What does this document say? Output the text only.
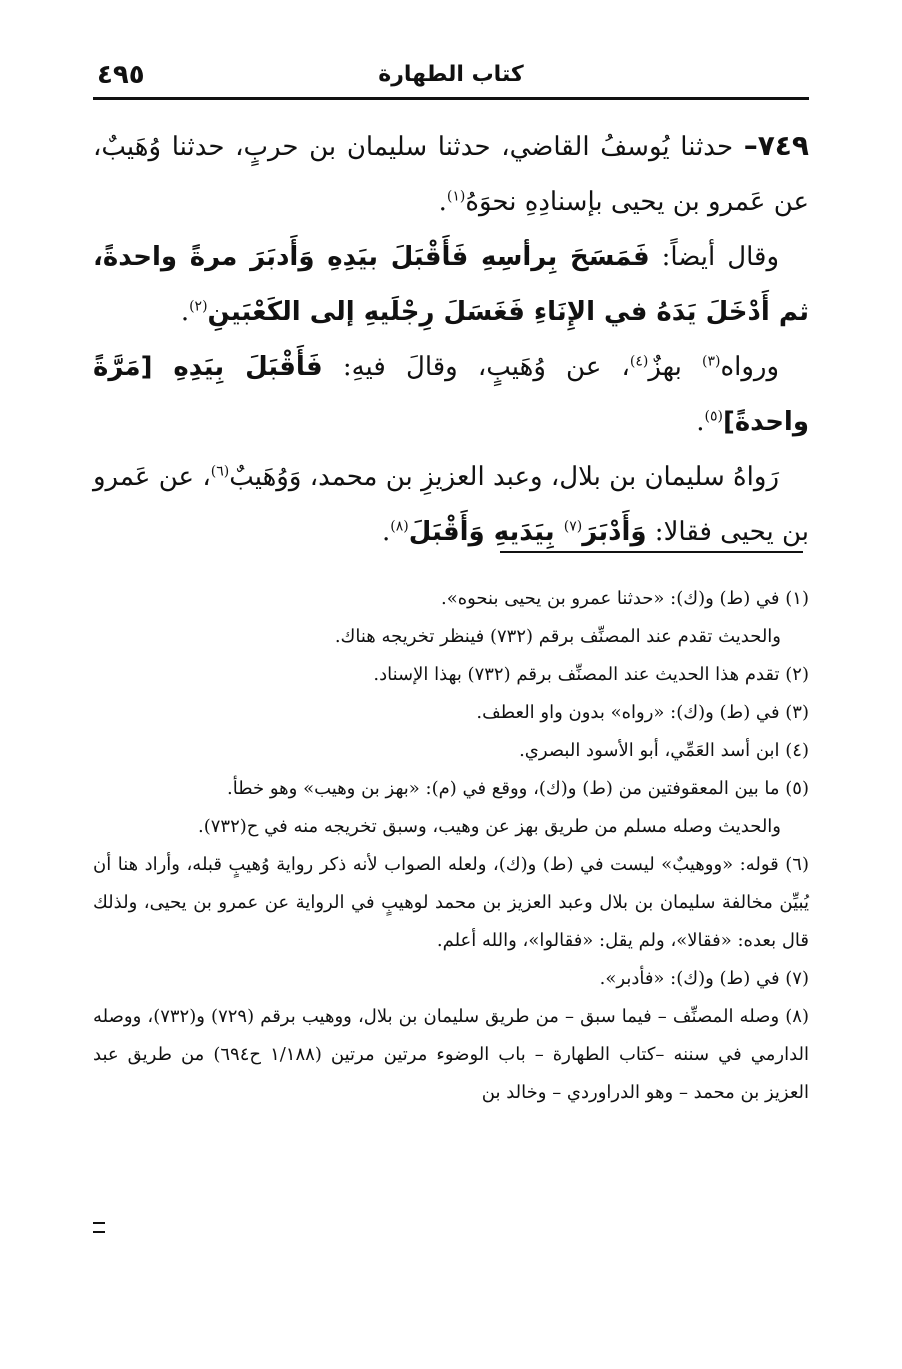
كتاب الطهارة
٤٩٥

٧٤٩– حدثنا يُوسفُ القاضي، حدثنا سليمان بن حربٍ، حدثنا وُهَيبٌ، عن عَمرو بن يحيى بإسنادِهِ نحوَهُ$^{(١)}$.

وقال أيضاً: فَمَسَحَ بِرأسِهِ فَأَقْبَلَ بيَدِهِ وَأَدبَرَ مرةً واحدةً، ثم أَدْخَلَ يَدَهُ في الإِنَاءِ فَغَسَلَ رِجْلَيهِ إلى الكَعْبَينِ$^{(٢)}$.

ورواه$^{(٣)}$ بهزٌ$^{(٤)}$، عن وُهَيبٍ، وقالَ فيهِ: فَأَقْبَلَ بِيَدِهِ [مَرَّةً واحدةً]$^{(٥)}$.

رَواهُ سليمان بن بلال، وعبد العزيزِ بن محمد، وَوُهَيبٌ$^{(٦)}$، عن عَمرو بن يحيى فقالا: وَأَدْبَرَ$^{(٧)}$ بِيَدَيهِ وَأَقْبَلَ$^{(٨)}$.

(١) في (ط) و(ك): «حدثنا عمرو بن يحيى بنحوه».

والحديث تقدم عند المصنِّف برقم (٧٣٢) فينظر تخريجه هناك.

(٢) تقدم هذا الحديث عند المصنِّف برقم (٧٣٢) بهذا الإسناد.

(٣) في (ط) و(ك): «رواه» بدون واو العطف.

(٤) ابن أسد العَمِّي، أبو الأسود البصري.

(٥) ما بين المعقوفتين من (ط) و(ك)، ووقع في (م): «بهز بن وهيب» وهو خطأ.

والحديث وصله مسلم من طريق بهز عن وهيب، وسبق تخريجه منه في ح(٧٣٢).

(٦) قوله: «ووهيبٌ» ليست في (ط) و(ك)، ولعله الصواب لأنه ذكر رواية وُهيبٍ قبله، وأراد هنا أن يُبيِّن مخالفة سليمان بن بلال وعبد العزيز بن محمد لوهيبٍ في الرواية عن عمرو بن يحيى، ولذلك قال بعده: «فقالا»، ولم يقل: «فقالوا»، والله أعلم.

(٧) في (ط) و(ك): «فأدبر».

(٨) وصله المصنِّف – فيما سبق – من طريق سليمان بن بلال، ووهيب برقم (٧٢٩) و(٧٣٢)، ووصله الدارمي في سننه –كتاب الطهارة – باب الوضوء مرتين مرتين (١/١٨٨ ح٦٩٤) من طريق عبد العزيز بن محمد – وهو الدراوردي – وخالد بن
